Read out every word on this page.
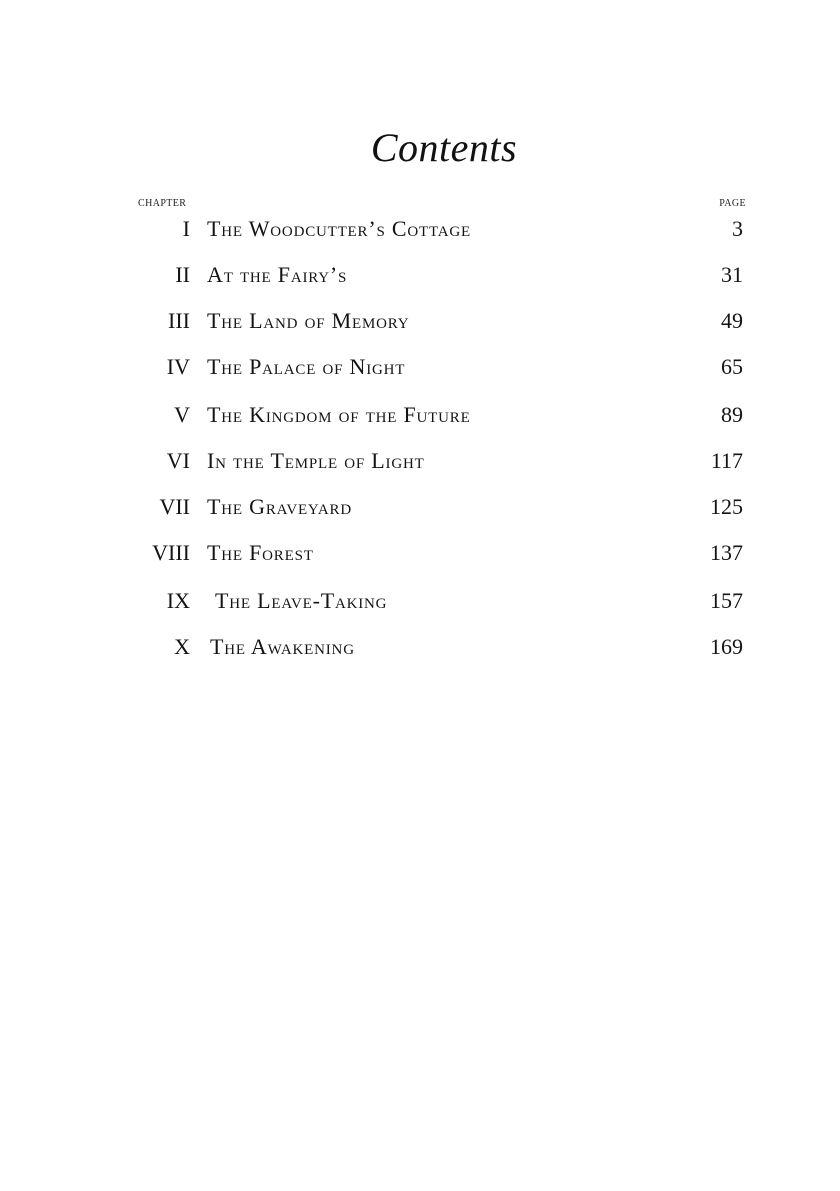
Contents
CHAPTER	PAGE
I The Woodcutter’s Cottage	3
II At the Fairy’s	31
III The Land of Memory	49
IV The Palace of Night	65
V The Kingdom of the Future	89
VI In the Temple of Light	117
VII The Graveyard	125
VIII The Forest	137
IX The Leave-Taking	157
X The Awakening	169
